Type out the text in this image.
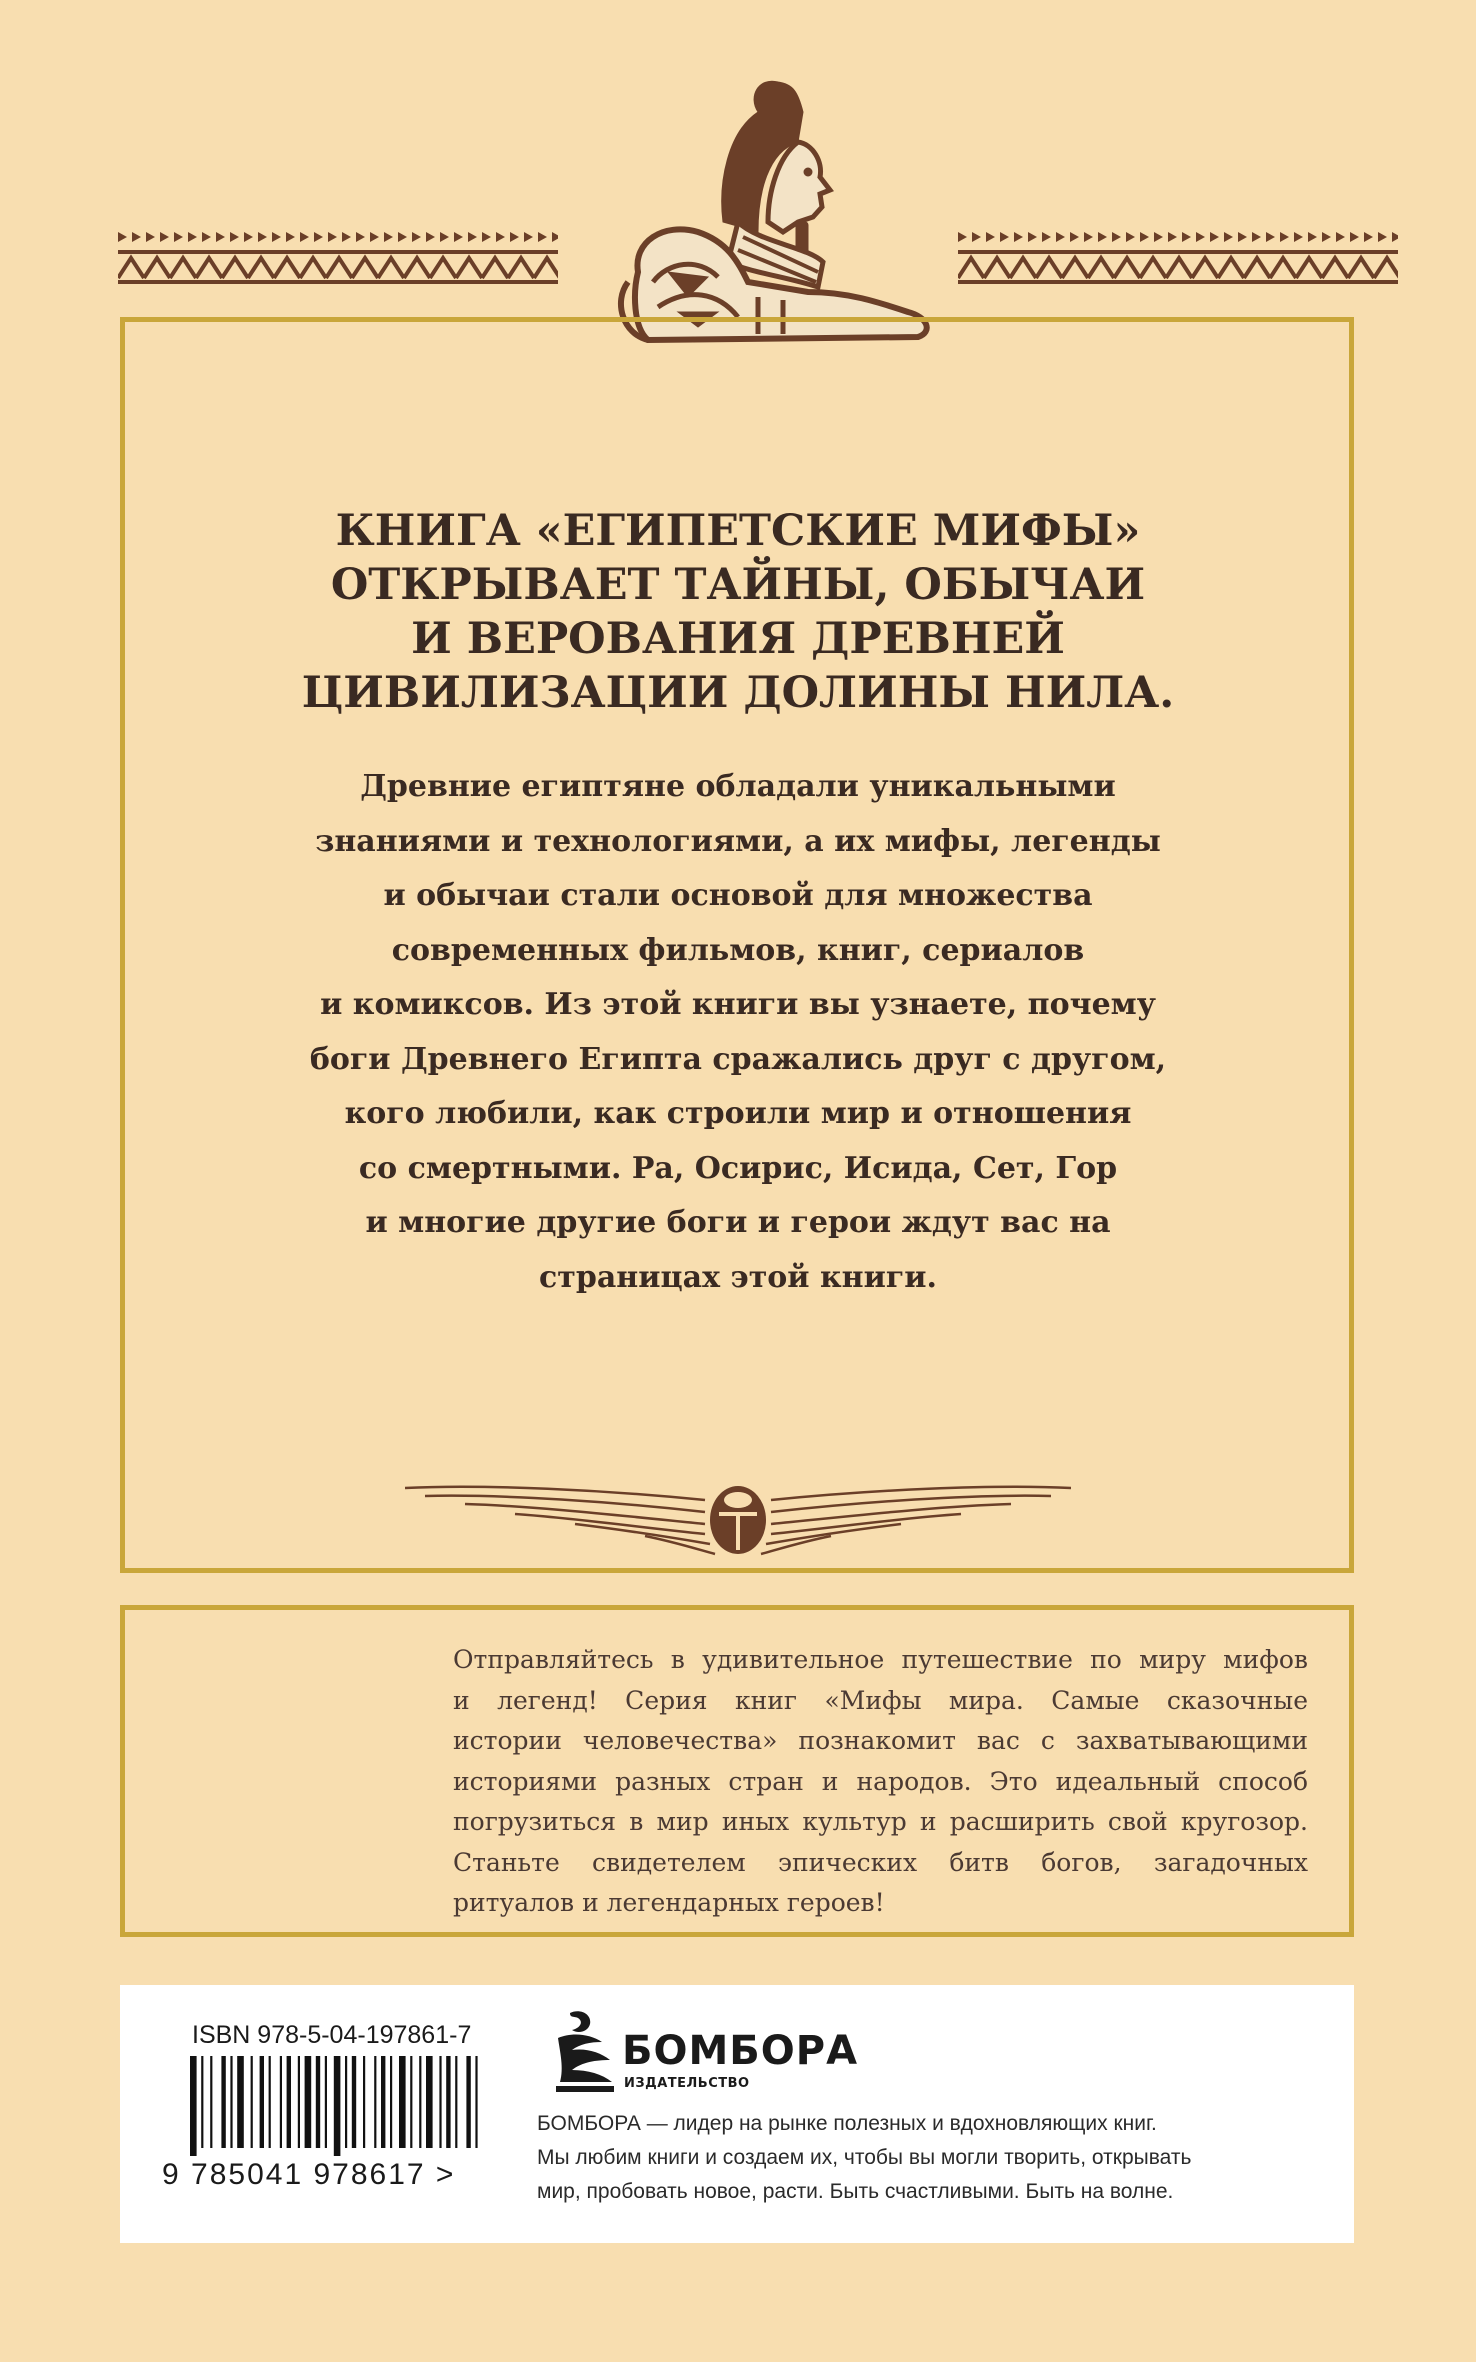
КНИГА «ЕГИПЕТСКИЕ МИФЫ»
ОТКРЫВАЕТ ТАЙНЫ, ОБЫЧАИ
И ВЕРОВАНИЯ ДРЕВНЕЙ
ЦИВИЛИЗАЦИИ ДОЛИНЫ НИЛА.
Древние египтяне обладали уникальными
знаниями и технологиями, а их мифы, легенды
и обычаи стали основой для множества
современных фильмов, книг, сериалов
и комиксов. Из этой книги вы узнаете, почему
боги Древнего Египта сражались друг с другом,
кого любили, как строили мир и отношения
со смертными. Ра, Осирис, Исида, Сет, Гор
и многие другие боги и герои ждут вас на
страницах этой книги.
Отправляйтесь в удивительное путешествие по миру мифов
и легенд! Серия книг «Мифы мира. Самые сказочные
истории человечества» познакомит вас с захватывающими
историями разных стран и народов. Это идеальный способ
погрузиться в мир иных культур и расширить свой кругозор.
Станьте свидетелем эпических битв богов, загадочных
ритуалов и легендарных героев!
ISBN 978-5-04-197861-7
9 785041 978617 >
БОМБОРА
ИЗДАТЕЛЬСТВО
БОМБОРА — лидер на рынке полезных и вдохновляющих книг.
Мы любим книги и создаем их, чтобы вы могли творить, открывать
мир, пробовать новое, расти. Быть счастливыми. Быть на волне.
